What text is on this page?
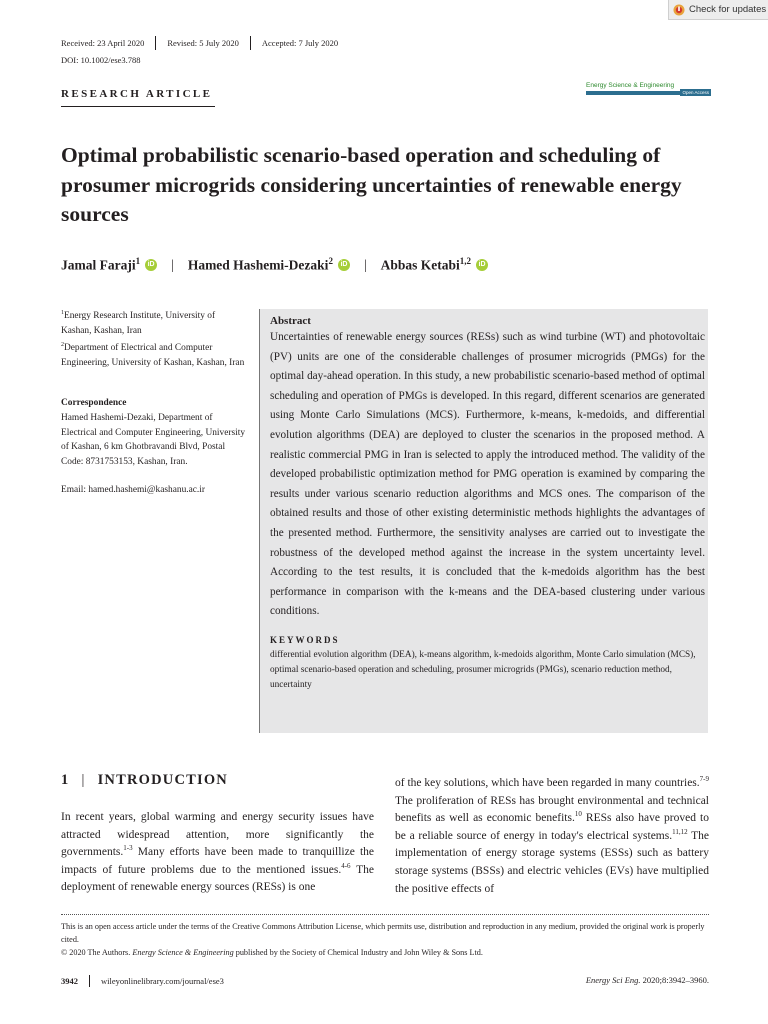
Check for updates
Received: 23 April 2020	Revised: 5 July 2020	Accepted: 7 July 2020
DOI: 10.1002/ese3.788
RESEARCH ARTICLE
Energy Science & Engineering
Open Access
Optimal probabilistic scenario-based operation and scheduling of prosumer microgrids considering uncertainties of renewable energy sources
Jamal Faraji$^1$	iD | Hamed Hashemi-Dezaki$^2$	iD | Abbas Ketabi$^{1,2}$	iD
$^1$Energy Research Institute, University of Kashan, Kashan, Iran
$^2$Department of Electrical and Computer Engineering, University of Kashan, Kashan, Iran
Correspondence
Hamed Hashemi-Dezaki, Department of Electrical and Computer Engineering, University of Kashan, 6 km Ghotbravandi Blvd, Postal Code: 8731753153, Kashan, Iran.
Email: hamed.hashemi@kashanu.ac.ir
Abstract

Uncertainties of renewable energy sources (RESs) such as wind turbine (WT) and photovoltaic (PV) units are one of the considerable challenges of prosumer microgrids (PMGs) for the optimal day-ahead operation. In this study, a new probabilistic scenario-based method of optimal scheduling and operation of PMGs is developed. In this regard, different scenarios are generated using Monte Carlo Simulations (MCS). Furthermore, k-means, k-medoids, and differential evolution algorithms (DEA) are deployed to cluster the scenarios in the proposed method. A realistic commercial PMG in Iran is selected to apply the introduced method. The validity of the developed probabilistic optimization method for PMG operation is examined by comparing the results under various scenario reduction algorithms and MCS ones. The comparison of the obtained results and those of other existing deterministic methods highlights the advantages of the presented method. Furthermore, the sensitivity analyses are carried out to investigate the robustness of the developed method against the increase in the system uncertainty level. According to the test results, it is concluded that the k-medoids algorithm has the best performance in comparison with the k-means and the DEA-based clustering under various conditions.

KEYWORDS
differential evolution algorithm (DEA), k-means algorithm, k-medoids algorithm, Monte Carlo simulation (MCS), optimal scenario-based operation and scheduling, prosumer microgrids (PMGs), scenario reduction method, uncertainty
1 | INTRODUCTION

In recent years, global warming and energy security issues have attracted widespread attention, more significantly the governments.$^{1-3}$ Many efforts have been made to tranquillize the impacts of future problems due to the mentioned issues.$^{4-6}$ The deployment of renewable energy sources (RESs) is one

of the key solutions, which have been regarded in many countries.$^{7-9}$ The proliferation of RESs has brought environmental and technical benefits as well as economic benefits.$^{10}$ RESs also have proved to be a reliable source of energy in today's electrical systems.$^{11,12}$ The implementation of energy storage systems (ESSs) such as battery storage systems (BSSs) and electric vehicles (EVs) have multiplied the positive effects of

This is an open access article under the terms of the Creative Commons Attribution License, which permits use, distribution and reproduction in any medium, provided the original work is properly cited.
© 2020 The Authors. Energy Science & Engineering published by the Society of Chemical Industry and John Wiley & Sons Ltd.
3942	wileyonlinelibrary.com/journal/ese3	Energy Sci Eng. 2020;8:3942–3960.
